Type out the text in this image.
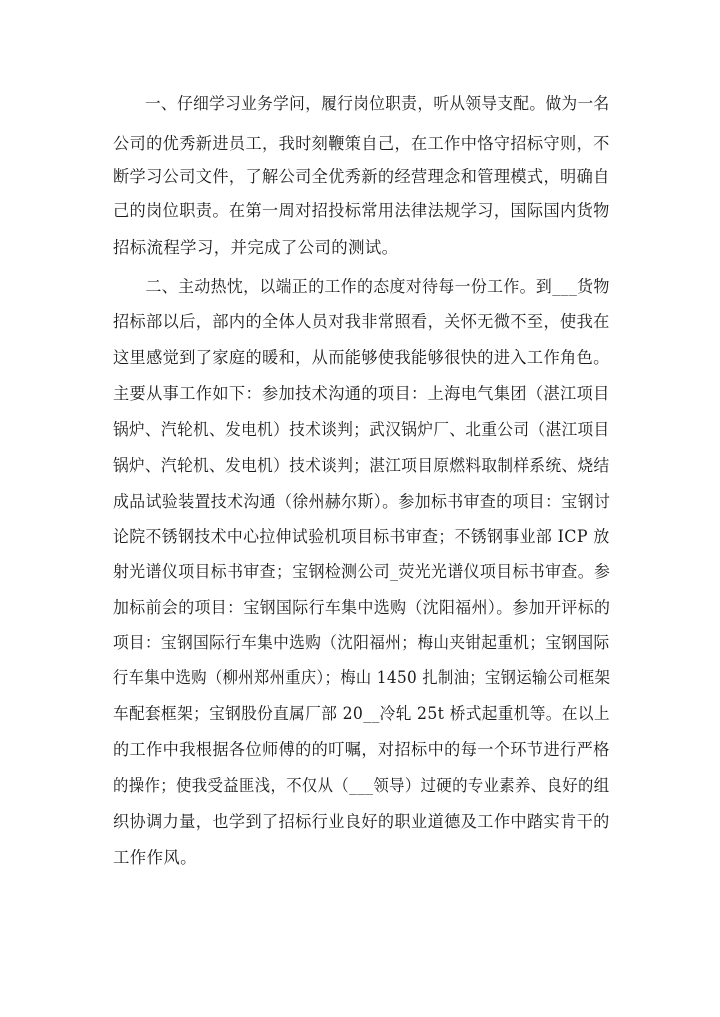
　　一、仔细学习业务学问，履行岗位职责，听从领导支配。做为一名

公司的优秀新进员工，我时刻鞭策自己，在工作中恪守招标守则，不

断学习公司文件，了解公司全优秀新的经营理念和管理模式，明确自

己的岗位职责。在第一周对招投标常用法律法规学习，国际国内货物

招标流程学习，并完成了公司的测试。

　　二、主动热忱，以端正的工作的态度对待每一份工作。到___货物

招标部以后，部内的全体人员对我非常照看，关怀无微不至，使我在

这里感觉到了家庭的暖和，从而能够使我能够很快的进入工作角色。

主要从事工作如下：参加技术沟通的项目：上海电气集团（湛江项目

锅炉、汽轮机、发电机）技术谈判；武汉锅炉厂、北重公司（湛江项目

锅炉、汽轮机、发电机）技术谈判；湛江项目原燃料取制样系统、烧结

成品试验装置技术沟通（徐州赫尔斯）。参加标书审查的项目：宝钢讨

论院不锈钢技术中心拉伸试验机项目标书审查；不锈钢事业部 ICP 放

射光谱仪项目标书审查；宝钢检测公司_荧光光谱仪项目标书审查。参

加标前会的项目：宝钢国际行车集中选购（沈阳福州）。参加开评标的

项目：宝钢国际行车集中选购（沈阳福州；梅山夹钳起重机；宝钢国际

行车集中选购（柳州郑州重庆）；梅山 1450 扎制油；宝钢运输公司框架

车配套框架；宝钢股份直属厂部 20__冷轧 25t 桥式起重机等。在以上

的工作中我根据各位师傅的的叮嘱，对招标中的每一个环节进行严格

的操作；使我受益匪浅，不仅从（___领导）过硬的专业素养、良好的组

织协调力量，也学到了招标行业良好的职业道德及工作中踏实肯干的

工作作风。
